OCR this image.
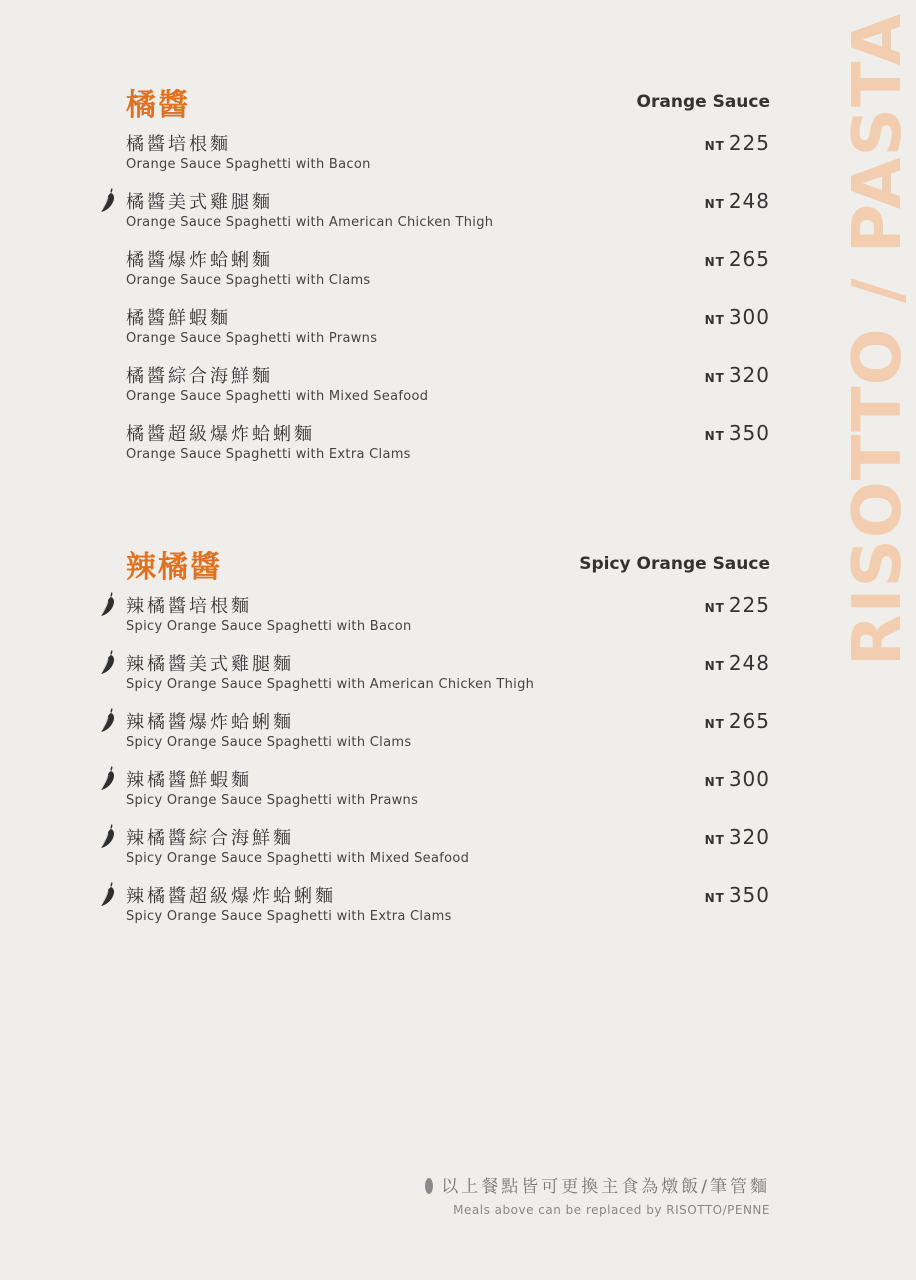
RISOTTO / PASTA
橘醬	Orange Sauce
橘醬培根麵
Orange Sauce Spaghetti with Bacon
NT 225
橘醬美式雞腿麵
Orange Sauce Spaghetti with American Chicken Thigh
NT 248
橘醬爆炸蛤蜊麵
Orange Sauce Spaghetti with Clams
NT 265
橘醬鮮蝦麵
Orange Sauce Spaghetti with Prawns
NT 300
橘醬綜合海鮮麵
Orange Sauce Spaghetti with Mixed Seafood
NT 320
橘醬超級爆炸蛤蜊麵
Orange Sauce Spaghetti with Extra Clams
NT 350
辣橘醬	Spicy Orange Sauce
辣橘醬培根麵
Spicy Orange Sauce Spaghetti with Bacon
NT 225
辣橘醬美式雞腿麵
Spicy Orange Sauce Spaghetti with American Chicken Thigh
NT 248
辣橘醬爆炸蛤蜊麵
Spicy Orange Sauce Spaghetti with Clams
NT 265
辣橘醬鮮蝦麵
Spicy Orange Sauce Spaghetti with Prawns
NT 300
辣橘醬綜合海鮮麵
Spicy Orange Sauce Spaghetti with Mixed Seafood
NT 320
辣橘醬超級爆炸蛤蜊麵
Spicy Orange Sauce Spaghetti with Extra Clams
NT 350
以上餐點皆可更換主食為燉飯/筆管麵
Meals above can be replaced by RISOTTO/PENNE
